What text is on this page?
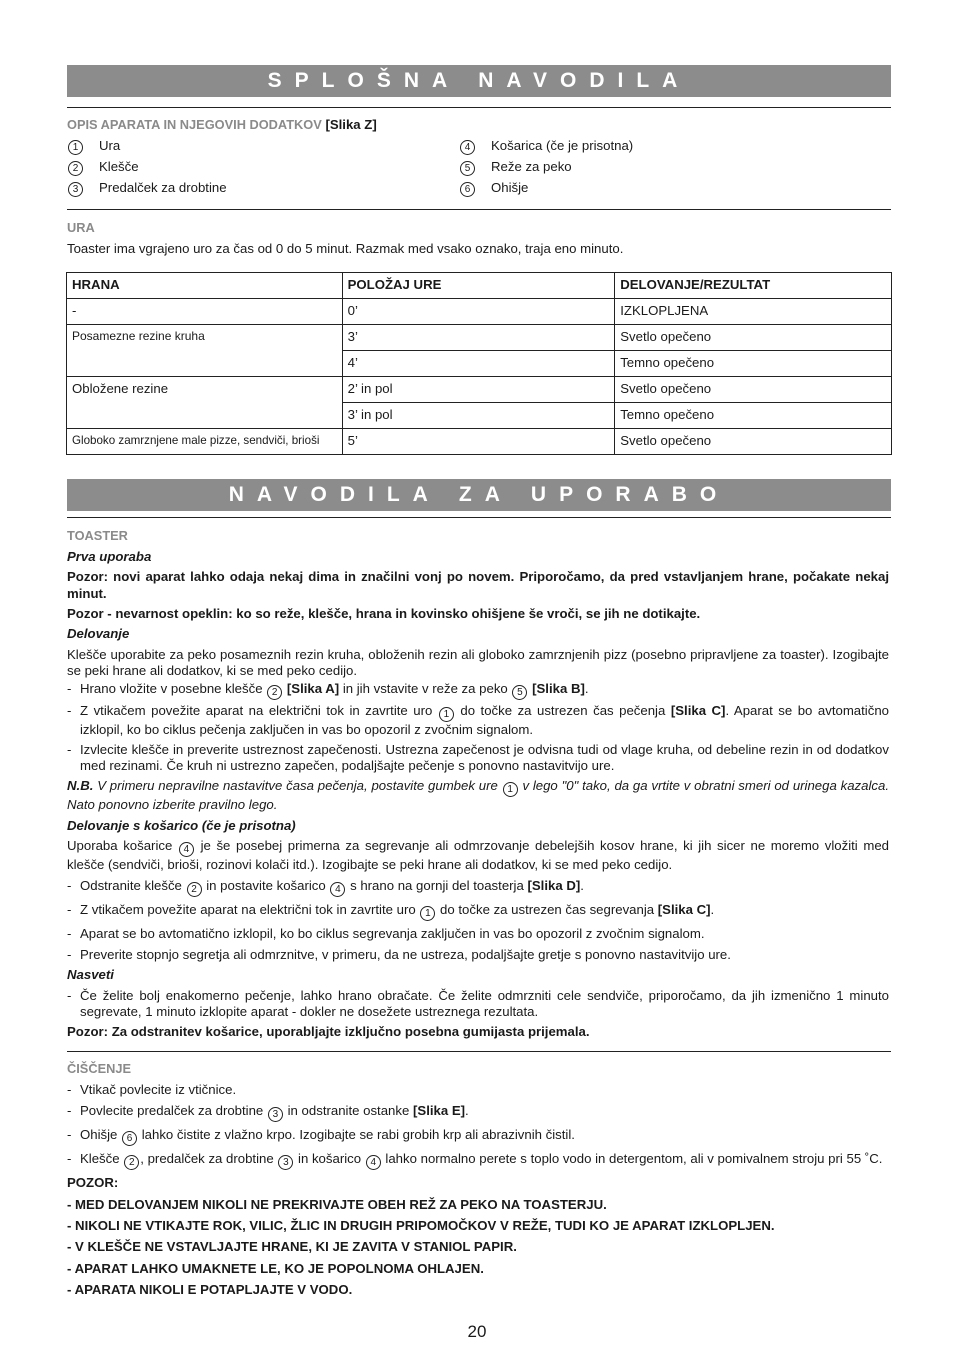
SPLOŠNA NAVODILA

OPIS APARATA IN NJEGOVIH DODATKOV [Slika Z]

1	Ura	4	Košarica (če je prisotna)
2	Klešče	5	Reže za peko
3	Predalček za drobtine	6	Ohišje

URA

Toaster ima vgrajeno uro za čas od 0 do 5 minut. Razmak med vsako oznako, traja eno minuto.

HRANA	POLOŽAJ URE	DELOVANJE/REZULTAT
-	0’	IZKLOPLJENA
Posamezne rezine kruha	3’	Svetlo opečeno
	4’	Temno opečeno
Obložene rezine	2’ in pol	Svetlo opečeno
	3’ in pol	Temno opečeno
Globoko zamrznjene male pizze, sendviči, brioši	5’	Svetlo opečeno
NAVODILA ZA UPORABO

TOASTER

Prva uporaba

Pozor: novi aparat lahko odaja nekaj dima in značilni vonj po novem. Priporočamo, da pred vstavljanjem hrane, počakate nekaj minut.

Pozor - nevarnost opeklin: ko so reže, klešče, hrana in kovinsko ohišjene še vroči, se jih ne dotikajte.

Delovanje

Klešče uporabite za peko posameznih rezin kruha, obloženih rezin ali globoko zamrznjenih pizz (posebno pripravljene za toaster). Izogibajte se peki hrane ali dodatkov, ki se med peko cedijo.

- Hrano vložite v posebne klešče 2 [Slika A] in jih vstavite v reže za peko 5 [Slika B].
- Z vtikačem povežite aparat na električni tok in zavrtite uro 1 do točke za ustrezen čas pečenja [Slika C]. Aparat se bo avtomatično izklopil, ko bo ciklus pečenja zaključen in vas bo opozoril z zvočnim signalom.
- Izvlecite klešče in preverite ustreznost zapečenosti. Ustrezna zapečenost je odvisna tudi od vlage kruha, od debeline rezin in od dodatkov med rezinami. Če kruh ni ustrezno zapečen, podaljšajte pečenje s ponovno nastavitvijo ure.

N.B. V primeru nepravilne nastavitve časa pečenja, postavite gumbek ure 1 v lego "0" tako, da ga vrtite v obratni smeri od urinega kazalca. Nato ponovno izberite pravilno lego.

Delovanje s košarico (če je prisotna)

Uporaba košarice 4 je še posebej primerna za segrevanje ali odmrzovanje debelejših kosov hrane, ki jih sicer ne moremo vložiti med klešče (sendviči, brioši, rozinovi kolači itd.). Izogibajte se peki hrane ali dodatkov, ki se med peko cedijo.

- Odstranite klešče 2 in postavite košarico 4 s hrano na gornji del toasterja [Slika D].
- Z vtikačem povežite aparat na električni tok in zavrtite uro 1 do točke za ustrezen čas segrevanja [Slika C].
- Aparat se bo avtomatično izklopil, ko bo ciklus segrevanja zaključen in vas bo opozoril z zvočnim signalom.
- Preverite stopnjo segretja ali odmrznitve, v primeru, da ne ustreza, podaljšajte gretje s ponovno nastavitvijo ure.

Nasveti

- Če želite bolj enakomerno pečenje, lahko hrano obračate. Če želite odmrzniti cele sendviče, priporočamo, da jih izmenično 1 minuto segrevate, 1 minuto izklopite aparat - dokler ne dosežete ustreznega rezultata.

Pozor: Za odstranitev košarice, uporabljajte izključno posebna gumijasta prijemala.

ČIŠČENJE

- Vtikač povlecite iz vtičnice.
- Povlecite predalček za drobtine 3 in odstranite ostanke [Slika E].
- Ohišje 6 lahko čistite z vlažno krpo. Izogibajte se rabi grobih krp ali abrazivnih čistil.
- Klešče 2 , predalček za drobtine 3 in košarico 4 lahko normalno perete s toplo vodo in detergentom, ali v pomivalnem stroju pri 55 ˚C.

POZOR:

- MED DELOVANJEM NIKOLI NE PREKRIVAJTE OBEH REŽ ZA PEKO NA TOASTERJU.

- NIKOLI NE VTIKAJTE ROK, VILIC, ŽLIC IN DRUGIH PRIPOMOČKOV V REŽE, TUDI KO JE APARAT IZKLOPLJEN.

- V KLEŠČE NE VSTAVLJAJTE HRANE, KI JE ZAVITA V STANIOL PAPIR.

- APARAT LAHKO UMAKNETE LE, KO JE POPOLNOMA OHLAJEN.

- APARATA NIKOLI E POTAPLJAJTE V VODO.

20
